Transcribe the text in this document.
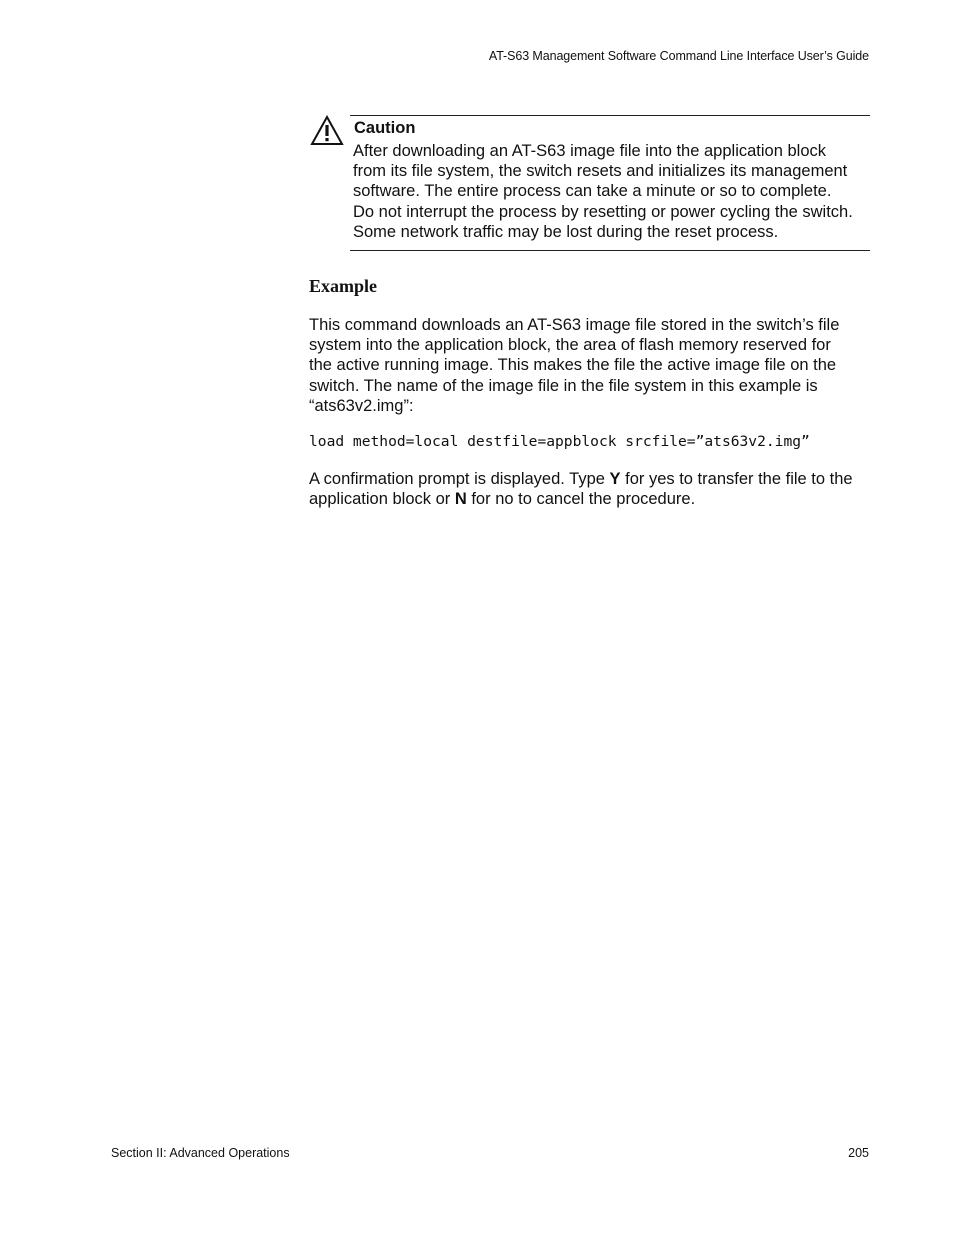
AT-S63 Management Software Command Line Interface User’s Guide
Caution
After downloading an AT-S63 image file into the application block
from its file system, the switch resets and initializes its management
software. The entire process can take a minute or so to complete.
Do not interrupt the process by resetting or power cycling the switch.
Some network traffic may be lost during the reset process.
Example
This command downloads an AT-S63 image file stored in the switch’s file
system into the application block, the area of flash memory reserved for
the active running image. This makes the file the active image file on the
switch. The name of the image file in the file system in this example is
“ats63v2.img”:
load method=local destfile=appblock srcfile=”ats63v2.img”
A confirmation prompt is displayed. Type Y for yes to transfer the file to the
application block or N for no to cancel the procedure.
Section II: Advanced Operations	205
